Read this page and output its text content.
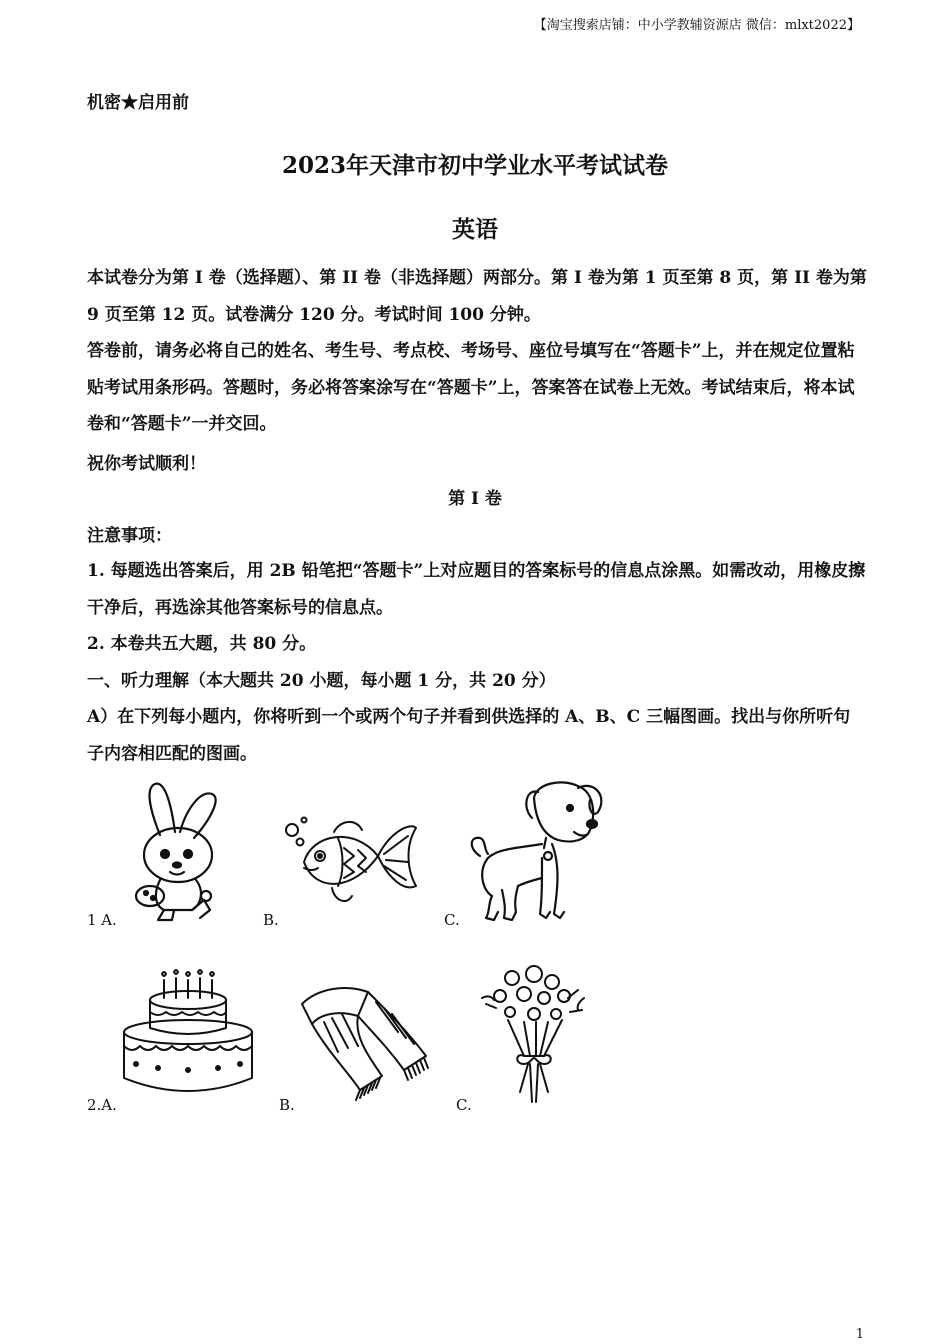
【淘宝搜索店铺：中小学教辅资源店 微信：mlxt2022】
机密★启用前
2023年天津市初中学业水平考试试卷
英语
本试卷分为第 I 卷（选择题）、第 II 卷（非选择题）两部分。第 I 卷为第 1 页至第 8 页，第 II 卷为第 9 页至第 12 页。试卷满分 120 分。考试时间 100 分钟。
答卷前，请务必将自己的姓名、考生号、考点校、考场号、座位号填写在“答题卡”上，并在规定位置粘贴考试用条形码。答题时，务必将答案涂写在“答题卡”上，答案答在试卷上无效。考试结束后，将本试卷和“答题卡”一并交回。
祝你考试顺利！
第 I 卷
注意事项：
1. 每题选出答案后，用 2B 铅笔把“答题卡”上对应题目的答案标号的信息点涂黑。如需改动，用橡皮擦干净后，再选涂其他答案标号的信息点。
2. 本卷共五大题，共 80 分。
一、听力理解（本大题共 20 小题，每小题 1 分，共 20 分）
A）在下列每小题内，你将听到一个或两个句子并看到供选择的 A、B、C 三幅图画。找出与你所听句子内容相匹配的图画。
1 A.	B.	C.
2.A.	B.	C.
1
